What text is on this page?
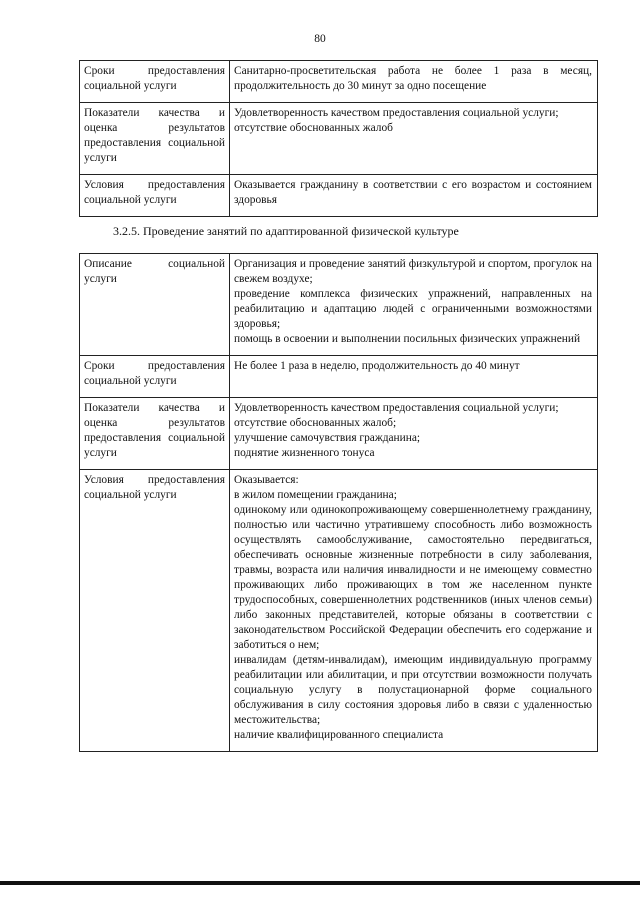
80
Сроки предоставления социальной услуги	Санитарно-просветительская работа не более 1 раза в месяц, продолжительность до 30 минут за одно посещение

Показатели качества и оценка результатов предоставления социальной услуги	Удовлетворенность качеством предоставления социальной услуги;
отсутствие обоснованных жалоб

Условия предоставления социальной услуги	Оказывается гражданину в соответствии с его возрастом и состоянием здоровья
3.2.5. Проведение занятий по адаптированной физической культуре
Описание социальной услуги	Организация и проведение занятий физкультурой и спортом, прогулок на свежем воздухе;
проведение комплекса физических упражнений, направленных на реабилитацию и адаптацию людей с ограниченными возможностями здоровья;
помощь в освоении и выполнении посильных физических упражнений

Сроки предоставления социальной услуги	Не более 1 раза в неделю, продолжительность до 40 минут

Показатели качества и оценка результатов предоставления социальной услуги	Удовлетворенность качеством предоставления социальной услуги;
отсутствие обоснованных жалоб;
улучшение самочувствия гражданина;
поднятие жизненного тонуса

Условия предоставления социальной услуги	Оказывается:
в жилом помещении гражданина;
одинокому или одинокопроживающему совершеннолетнему гражданину, полностью или частично утратившему способность либо возможность осуществлять самообслуживание, самостоятельно передвигаться, обеспечивать основные жизненные потребности в силу заболевания, травмы, возраста или наличия инвалидности и не имеющему совместно проживающих либо проживающих в том же населенном пункте трудоспособных, совершеннолетних родственников (иных членов семьи) либо законных представителей, которые обязаны в соответствии с законодательством Российской Федерации обеспечить его содержание и заботиться о нем;
инвалидам (детям-инвалидам), имеющим индивидуальную программу реабилитации или абилитации, и при отсутствии возможности получать социальную услугу в полустационарной форме социального обслуживания в силу состояния здоровья либо в связи с удаленностью местожительства;
наличие квалифицированного специалиста
